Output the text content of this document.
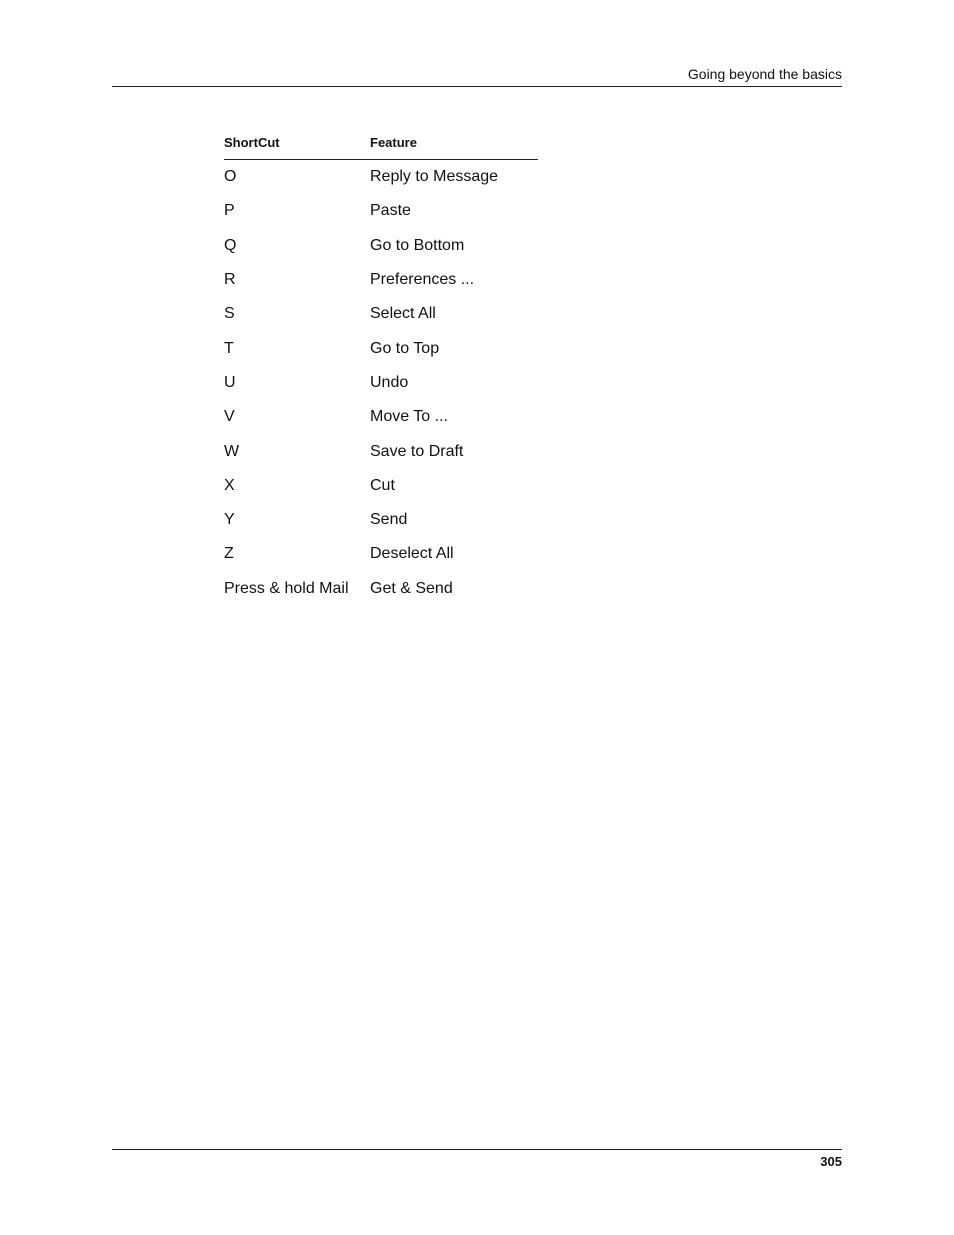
Going beyond the basics
ShortCut	Feature
O	Reply to Message
P	Paste
Q	Go to Bottom
R	Preferences ...
S	Select All
T	Go to Top
U	Undo
V	Move To ...
W	Save to Draft
X	Cut
Y	Send
Z	Deselect All
Press & hold Mail	Get & Send
305
